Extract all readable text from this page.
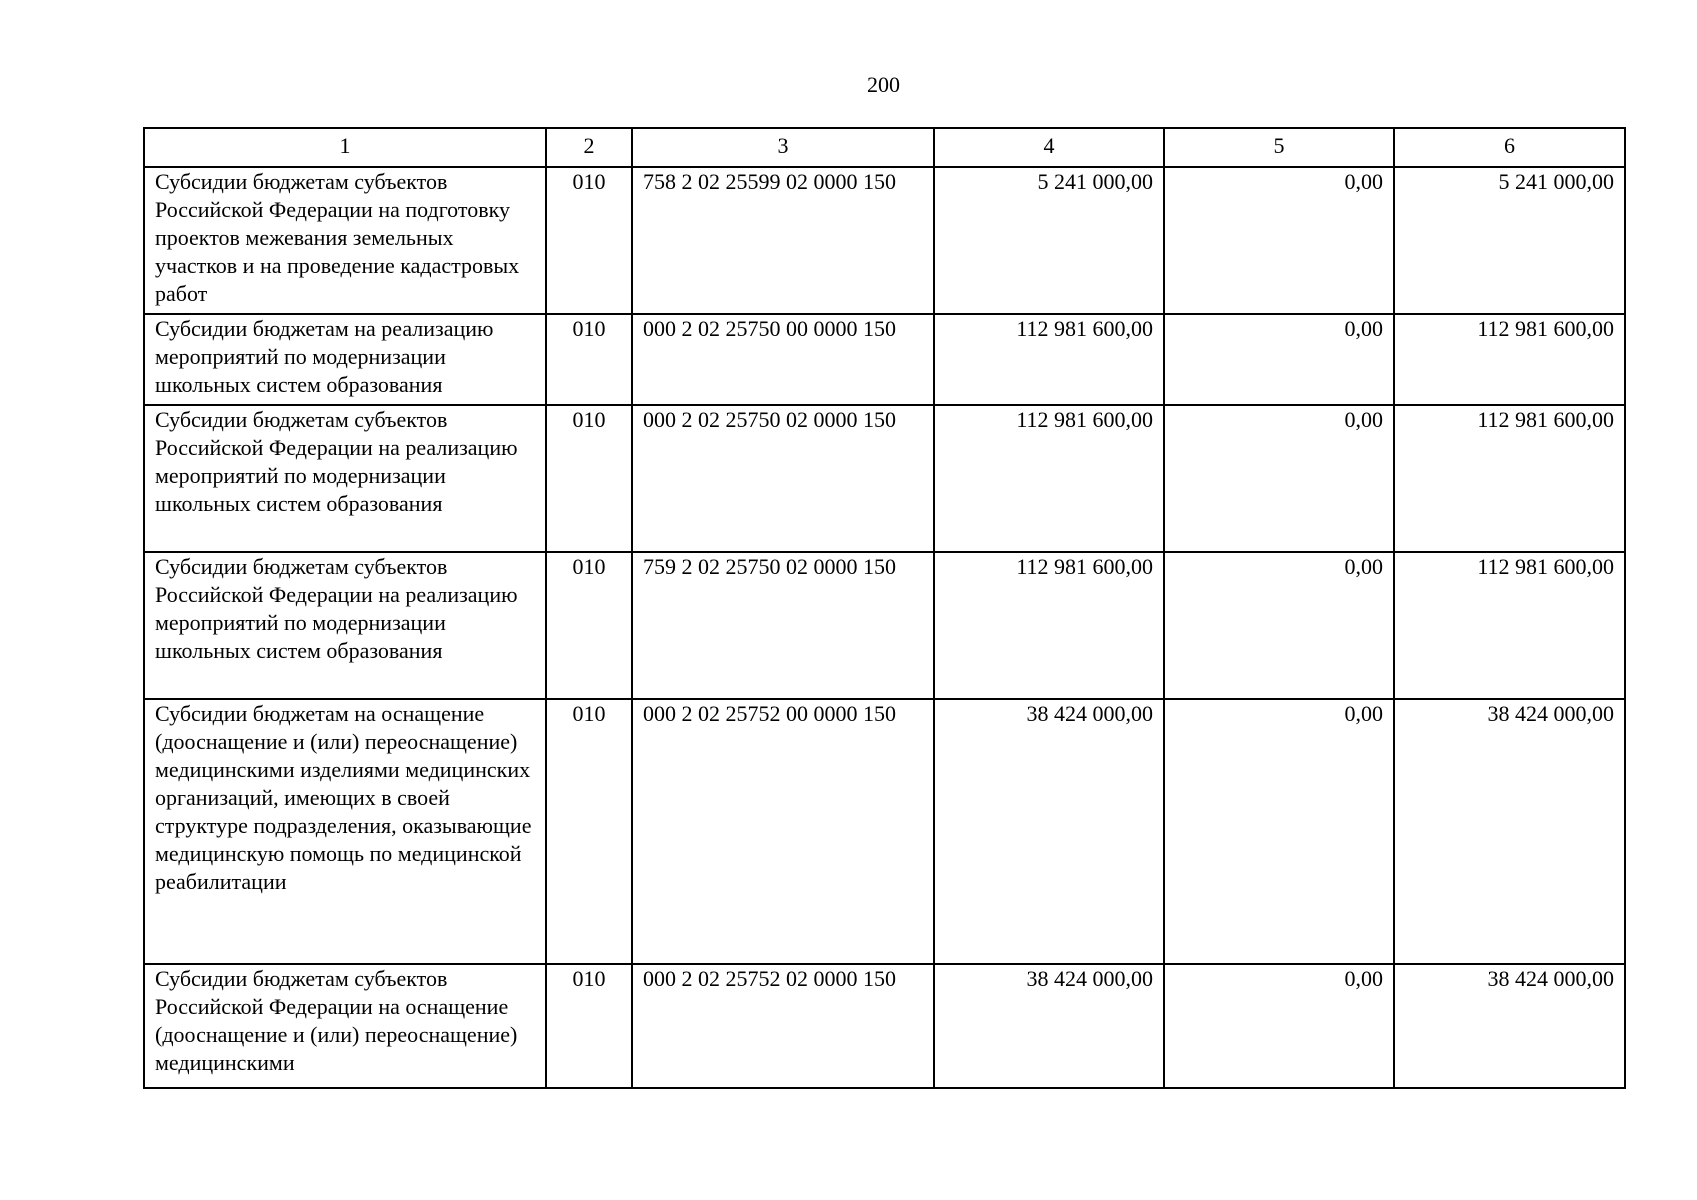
200
1	2	3	4	5	6
Субсидии бюджетам субъектов Российской Федерации на подготовку проектов межевания земельных участков и на проведение кадастровых работ	010	758 2 02 25599 02 0000 150	5 241 000,00	0,00	5 241 000,00
Субсидии бюджетам на реализацию мероприятий по модернизации школьных систем образования	010	000 2 02 25750 00 0000 150	112 981 600,00	0,00	112 981 600,00
Субсидии бюджетам субъектов Российской Федерации на реализацию мероприятий по модернизации школьных систем образования	010	000 2 02 25750 02 0000 150	112 981 600,00	0,00	112 981 600,00
Субсидии бюджетам субъектов Российской Федерации на реализацию мероприятий по модернизации школьных систем образования	010	759 2 02 25750 02 0000 150	112 981 600,00	0,00	112 981 600,00
Субсидии бюджетам на оснащение (дооснащение и (или) переоснащение) медицинскими изделиями медицинских организаций, имеющих в своей структуре подразделения, оказывающие медицинскую помощь по медицинской реабилитации	010	000 2 02 25752 00 0000 150	38 424 000,00	0,00	38 424 000,00
Субсидии бюджетам субъектов Российской Федерации на оснащение (дооснащение и (или) переоснащение) медицинскими	010	000 2 02 25752 02 0000 150	38 424 000,00	0,00	38 424 000,00
